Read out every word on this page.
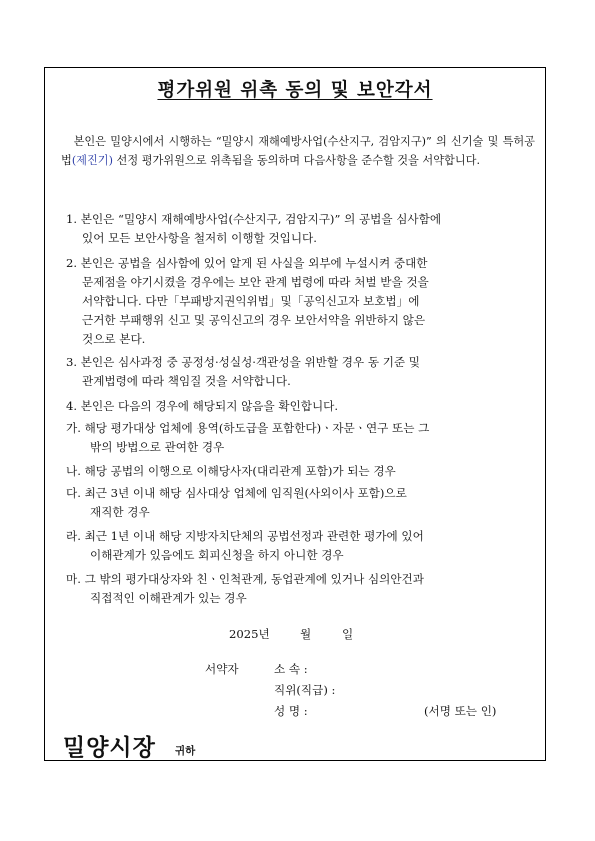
평가위원 위촉 동의 및 보안각서
본인은 밀양시에서 시행하는 “밀양시 재해예방사업(수산지구, 검암지구)” 의 신기술 및 특허공법(제진기) 선정 평가위원으로 위촉됨을 동의하며 다음사항을 준수할 것을 서약합니다.
1. 본인은 “밀양시 재해예방사업(수산지구, 검암지구)” 의 공법을 심사함에
있어 모든 보안사항을 철저히 이행할 것입니다.
2. 본인은 공법을 심사함에 있어 알게 된 사실을 외부에 누설시켜 중대한
문제점을 야기시켰을 경우에는 보안 관계 법령에 따라 처벌 받을 것을
서약합니다. 다만「부패방지권익위법」및「공익신고자 보호법」에
근거한 부패행위 신고 및 공익신고의 경우 보안서약을 위반하지 않은
것으로 본다.
3. 본인은 심사과정 중 공정성·성실성·객관성을 위반할 경우 동 기준 및
관계법령에 따라 책임질 것을 서약합니다.
4. 본인은 다음의 경우에 해당되지 않음을 확인합니다.
가. 해당 평가대상 업체에 용역(하도급을 포함한다)ㆍ자문ㆍ연구 또는 그
밖의 방법으로 관여한 경우
나. 해당 공법의 이행으로 이해당사자(대리관계 포함)가 되는 경우
다. 최근 3년 이내 해당 심사대상 업체에 임직원(사외이사 포함)으로
재직한 경우
라. 최근 1년 이내 해당 지방자치단체의 공법선정과 관련한 평가에 있어
이해관계가 있음에도 회피신청을 하지 아니한 경우
마. 그 밖의 평가대상자와 친ㆍ인척관계, 동업관계에 있거나 심의안건과
직접적인 이해관계가 있는 경우
2025년	월	일
서약자	소 속 :
직위(직급) :
성 명 :	(서명 또는 인)
밀양시장 귀하
